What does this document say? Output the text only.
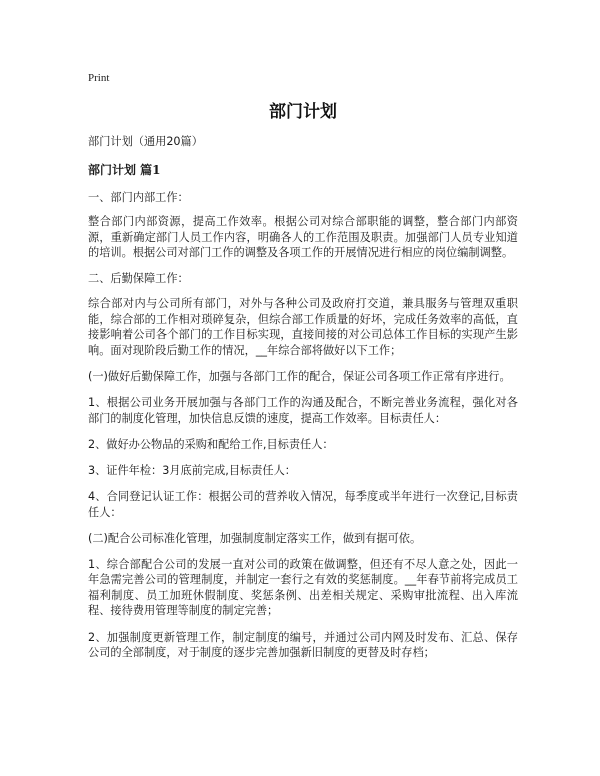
Print
部门计划

部门计划（通用20篇）

部门计划 篇1

一、部门内部工作：

整合部门内部资源，提高工作效率。根据公司对综合部职能的调整，整合部门内部资源，重新确定部门人员工作内容，明确各人的工作范围及职责。加强部门人员专业知道的培训。根据公司对部门工作的调整及各项工作的开展情况进行相应的岗位编制调整。

二、后勤保障工作：

综合部对内与公司所有部门，对外与各种公司及政府打交道，兼具服务与管理双重职能，综合部的工作相对琐碎复杂，但综合部工作质量的好坏，完成任务效率的高低，直接影响着公司各个部门的工作目标实现，直接间接的对公司总体工作目标的实现产生影响。面对现阶段后勤工作的情况，__年综合部将做好以下工作；

(一)做好后勤保障工作，加强与各部门工作的配合，保证公司各项工作正常有序进行。

1、根据公司业务开展加强与各部门工作的沟通及配合，不断完善业务流程，强化对各部门的制度化管理，加快信息反馈的速度，提高工作效率。目标责任人：

2、做好办公物品的采购和配给工作,目标责任人：

3、证件年检：3月底前完成,目标责任人：

4、合同登记认证工作：根据公司的营养收入情况，每季度或半年进行一次登记,目标责任人：

(二)配合公司标准化管理，加强制度制定落实工作，做到有据可依。

1、综合部配合公司的发展一直对公司的政策在做调整，但还有不尽人意之处，因此一年急需完善公司的管理制度，并制定一套行之有效的奖惩制度。__年春节前将完成员工福利制度、员工加班休假制度、奖惩条例、出差相关规定、采购审批流程、出入库流程、接待费用管理等制度的制定完善；

2、加强制度更新管理工作，制定制度的编号，并通过公司内网及时发布、汇总、保存公司的全部制度，对于制度的逐步完善加强新旧制度的更替及时存档；
